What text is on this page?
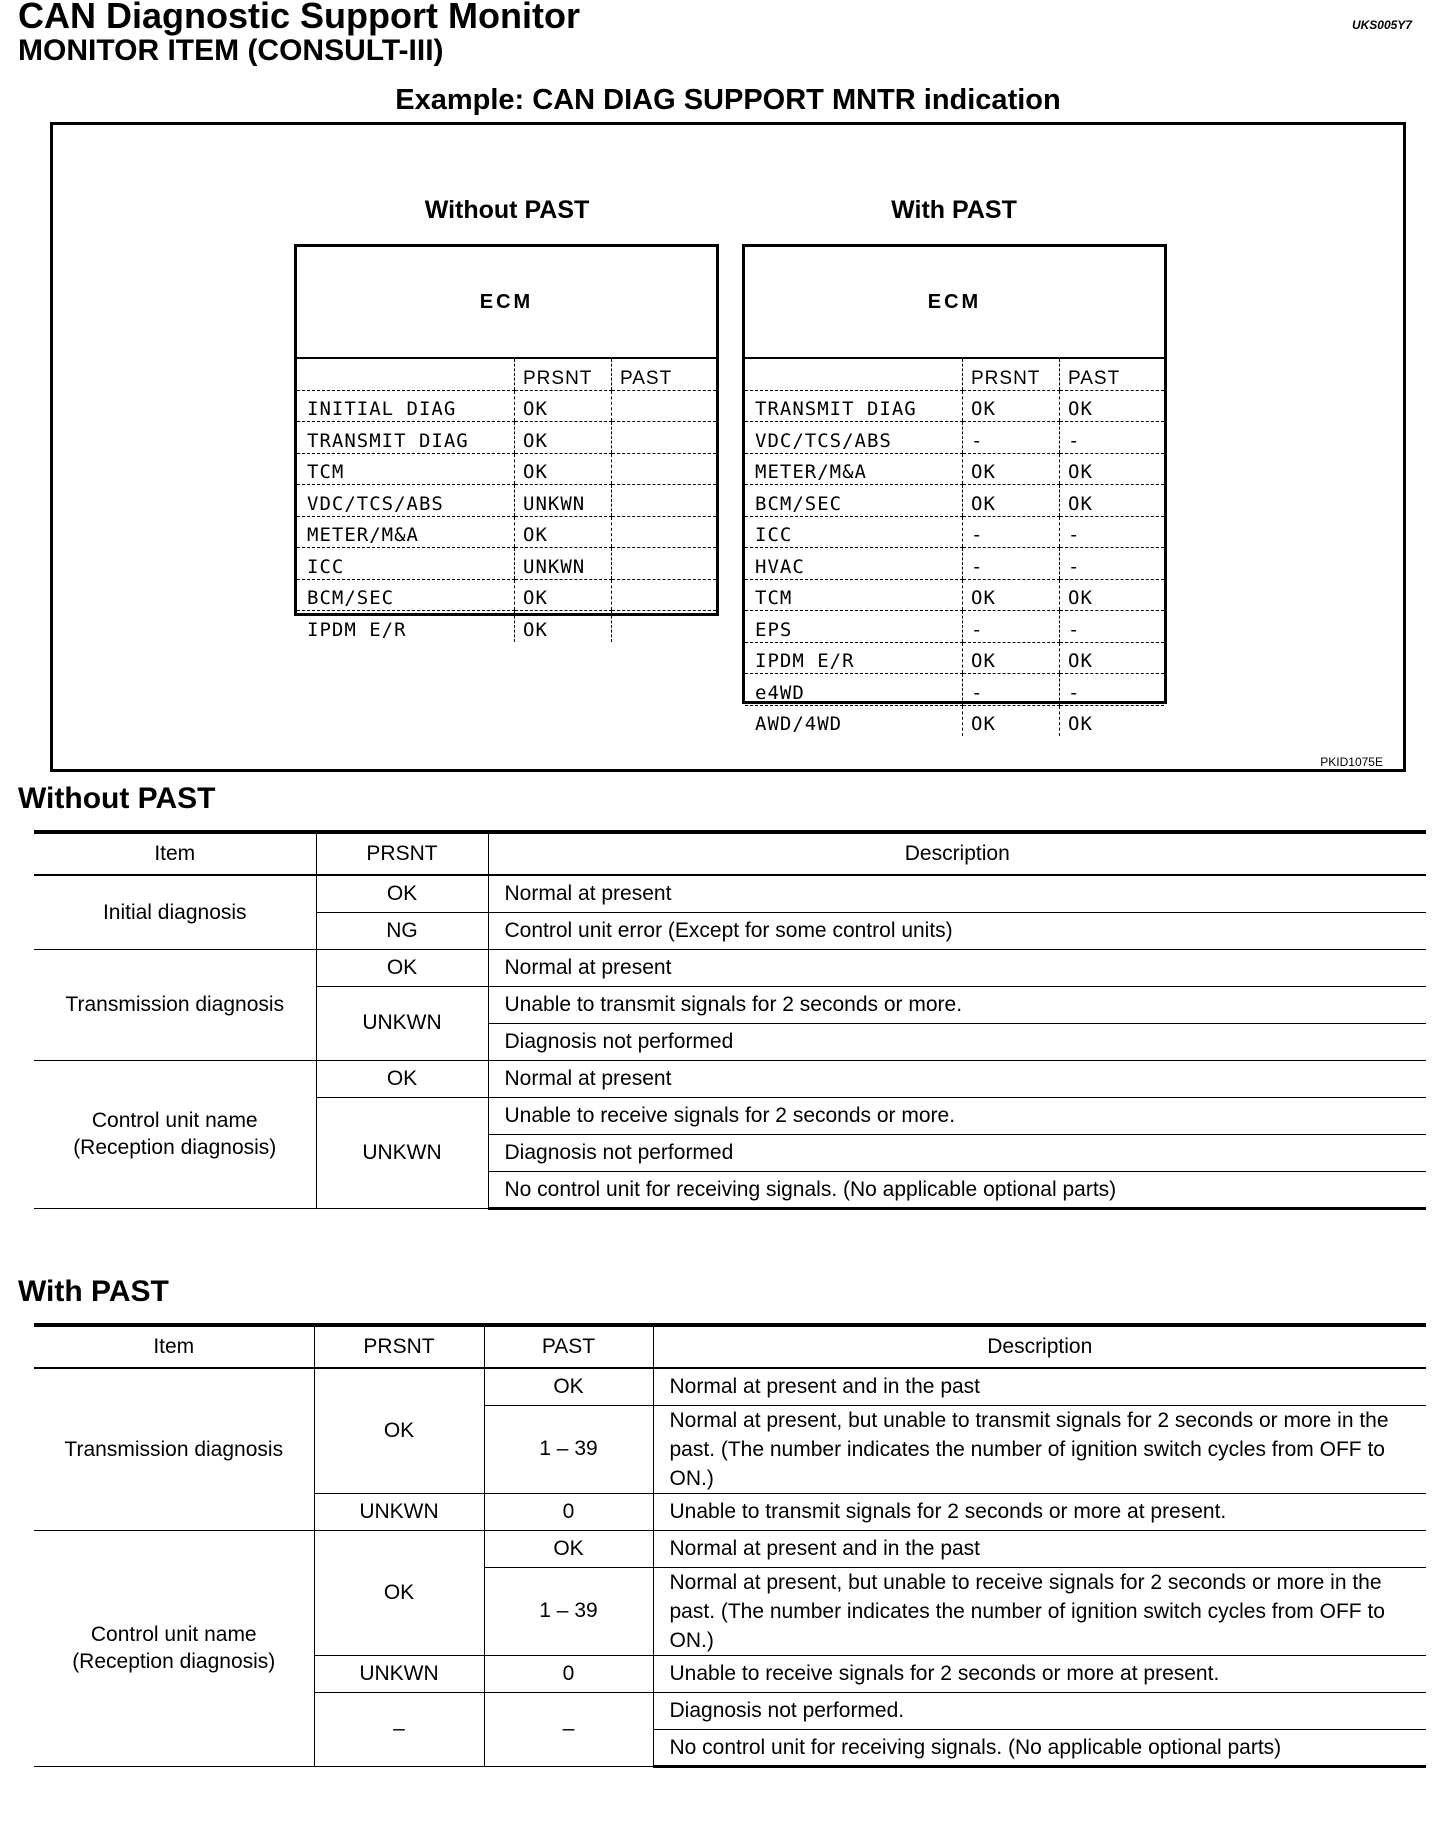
CAN Diagnostic Support Monitor
MONITOR ITEM (CONSULT-III)
UKS005Y7
Example: CAN DIAG SUPPORT MNTR indication
Without PAST
ECM
	PRSNT	PAST
INITIAL DIAG	OK	
TRANSMIT DIAG	OK	
TCM	OK	
VDC/TCS/ABS	UNKWN	
METER/M&A	OK	
ICC	UNKWN	
BCM/SEC	OK	
IPDM E/R	OK	
With PAST
ECM
	PRSNT	PAST
TRANSMIT DIAG	OK	OK
VDC/TCS/ABS	-	-
METER/M&A	OK	OK
BCM/SEC	OK	OK
ICC	-	-
HVAC	-	-
TCM	OK	OK
EPS	-	-
IPDM E/R	OK	OK
e4WD	-	-
AWD/4WD	OK	OK
PKID1075E
Without PAST
Item	PRSNT	Description
Initial diagnosis	OK	Normal at present
	NG	Control unit error (Except for some control units)
Transmission diagnosis	OK	Normal at present
	UNKWN	Unable to transmit signals for 2 seconds or more.
		Diagnosis not performed
Control unit name
(Reception diagnosis)	OK	Normal at present
	UNKWN	Unable to receive signals for 2 seconds or more.
		Diagnosis not performed
		No control unit for receiving signals. (No applicable optional parts)
With PAST
Item	PRSNT	PAST	Description
Transmission diagnosis	OK	OK	Normal at present and in the past
		1 – 39	Normal at present, but unable to transmit signals for 2 seconds or more in the past. (The number indicates the number of ignition switch cycles from OFF to ON.)
	UNKWN	0	Unable to transmit signals for 2 seconds or more at present.
Control unit name
(Reception diagnosis)	OK	OK	Normal at present and in the past
		1 – 39	Normal at present, but unable to receive signals for 2 seconds or more in the past. (The number indicates the number of ignition switch cycles from OFF to ON.)
	UNKWN	0	Unable to receive signals for 2 seconds or more at present.
	–	–	Diagnosis not performed.
			No control unit for receiving signals. (No applicable optional parts)
